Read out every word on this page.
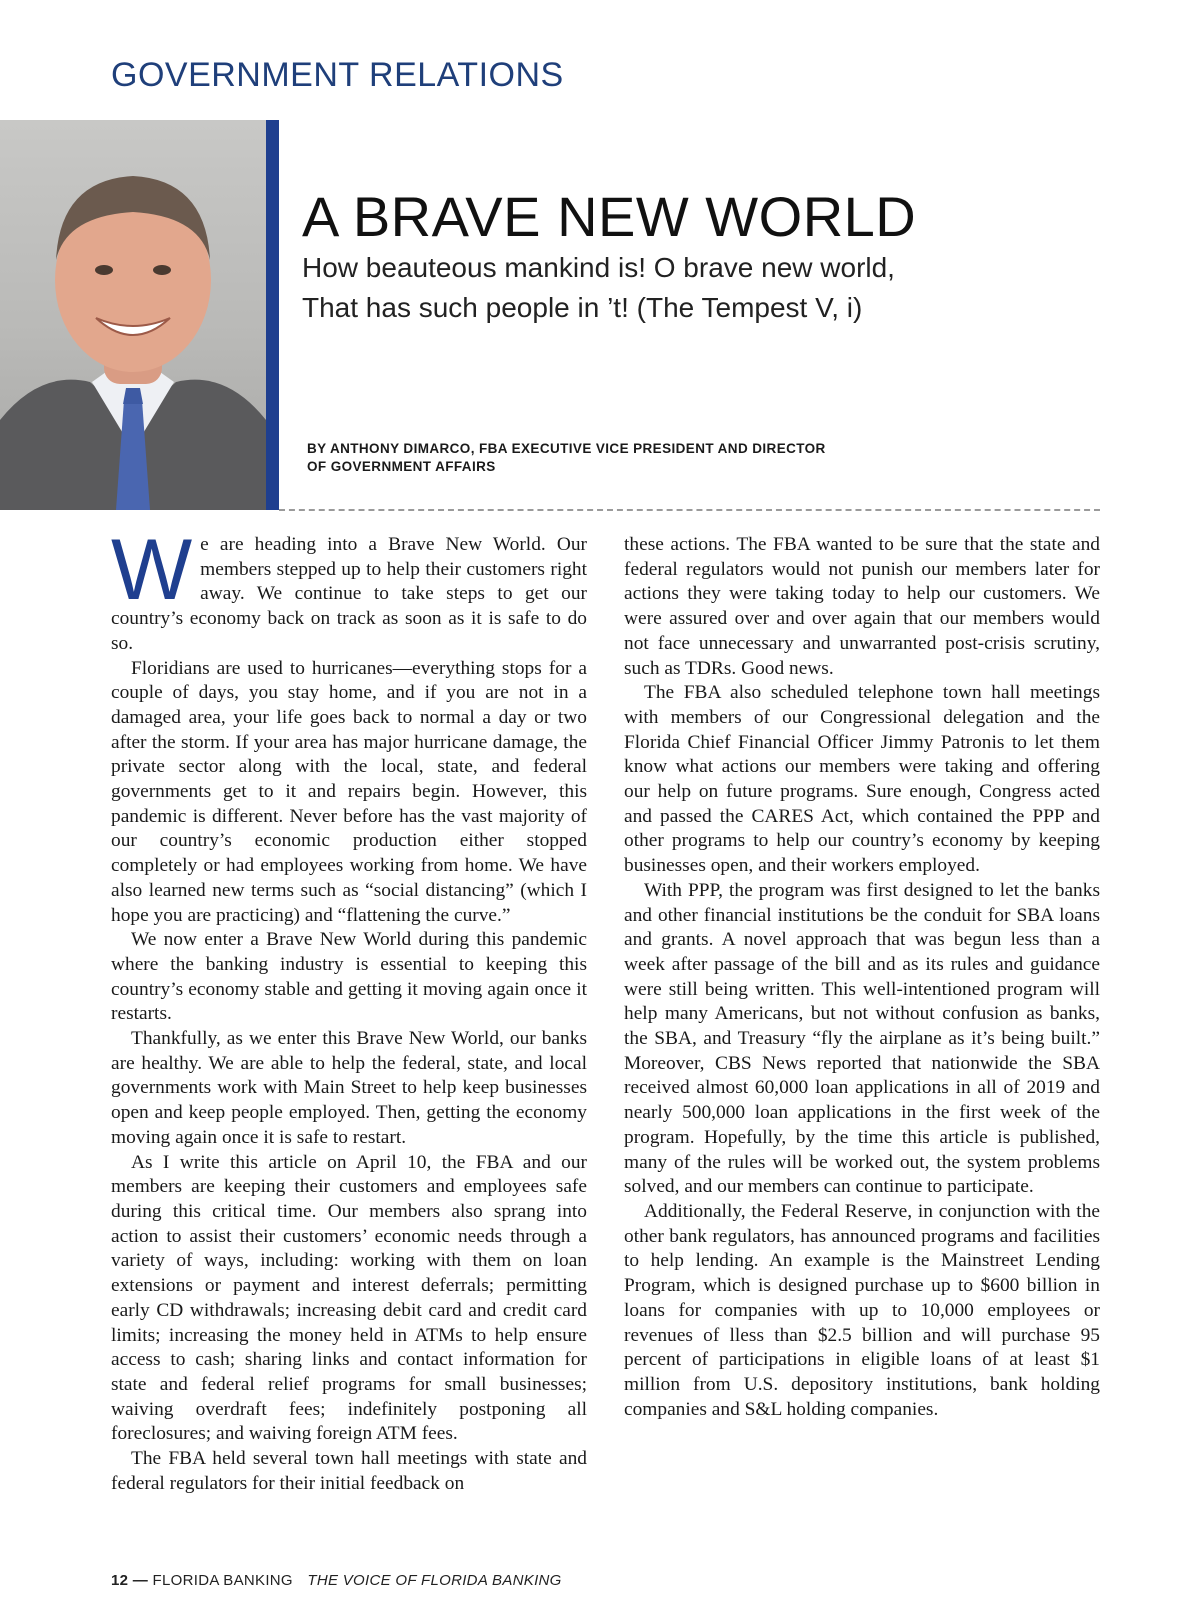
GOVERNMENT RELATIONS
A BRAVE NEW WORLD
How beauteous mankind is! O brave new world,
That has such people in ’t! (The Tempest V, i)
BY ANTHONY DIMARCO, FBA EXECUTIVE VICE PRESIDENT AND DIRECTOR
OF GOVERNMENT AFFAIRS

We are heading into a Brave New World. Our members stepped up to help their customers right away. We continue to take steps to get our country’s economy back on track as soon as it is safe to do so.

Floridians are used to hurricanes—everything stops for a couple of days, you stay home, and if you are not in a damaged area, your life goes back to normal a day or two after the storm. If your area has major hurricane damage, the private sector along with the local, state, and federal governments get to it and repairs begin. However, this pandemic is different. Never before has the vast majority of our country’s economic production either stopped completely or had employees working from home. We have also learned new terms such as “social distancing” (which I hope you are practicing) and “flattening the curve.”

We now enter a Brave New World during this pandemic where the banking industry is essential to keeping this country’s economy stable and getting it moving again once it restarts.

Thankfully, as we enter this Brave New World, our banks are healthy. We are able to help the federal, state, and local governments work with Main Street to help keep businesses open and keep people employed. Then, getting the economy moving again once it is safe to restart.

As I write this article on April 10, the FBA and our members are keeping their customers and employees safe during this critical time. Our members also sprang into action to assist their customers’ economic needs through a variety of ways, including: working with them on loan extensions or payment and interest deferrals; permitting early CD withdrawals; increasing debit card and credit card limits; increasing the money held in ATMs to help ensure access to cash; sharing links and contact information for state and federal relief programs for small businesses; waiving overdraft fees; indefinitely postponing all foreclosures; and waiving foreign ATM fees.

The FBA held several town hall meetings with state and federal regulators for their initial feedback on

these actions. The FBA wanted to be sure that the state and federal regulators would not punish our members later for actions they were taking today to help our customers. We were assured over and over again that our members would not face unnecessary and unwarranted post-crisis scrutiny, such as TDRs. Good news.

The FBA also scheduled telephone town hall meetings with members of our Congressional delegation and the Florida Chief Financial Officer Jimmy Patronis to let them know what actions our members were taking and offering our help on future programs. Sure enough, Congress acted and passed the CARES Act, which contained the PPP and other programs to help our country’s economy by keeping businesses open, and their workers employed.

With PPP, the program was first designed to let the banks and other financial institutions be the conduit for SBA loans and grants. A novel approach that was begun less than a week after passage of the bill and as its rules and guidance were still being written. This well-intentioned program will help many Americans, but not without confusion as banks, the SBA, and Treasury “fly the airplane as it’s being built.” Moreover, CBS News reported that nationwide the SBA received almost 60,000 loan applications in all of 2019 and nearly 500,000 loan applications in the first week of the program. Hopefully, by the time this article is published, many of the rules will be worked out, the system problems solved, and our members can continue to participate.

Additionally, the Federal Reserve, in conjunction with the other bank regulators, has announced programs and facilities to help lending. An example is the Mainstreet Lending Program, which is designed purchase up to $600 billion in loans for companies with up to 10,000 employees or revenues of lless than $2.5 billion and will purchase 95 percent of participations in eligible loans of at least $1 million from U.S. depository institutions, bank holding companies and S&L holding companies.

12 — FLORIDA BANKING THE VOICE OF FLORIDA BANKING
